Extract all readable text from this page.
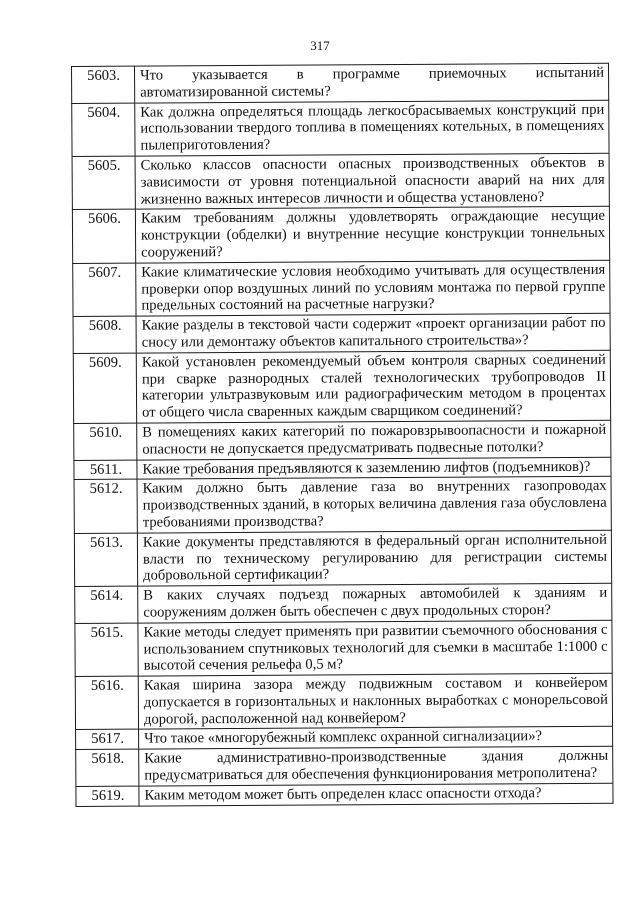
317
5603.	Что указывается в программе приемочных испытаний автоматизированной системы?
5604.	Как должна определяться площадь легкосбрасываемых конструкций при использовании твердого топлива в помещениях котельных, в помещениях пылеприготовления?
5605.	Сколько классов опасности опасных производственных объектов в зависимости от уровня потенциальной опасности аварий на них для жизненно важных интересов личности и общества установлено?
5606.	Каким требованиям должны удовлетворять ограждающие несущие конструкции (обделки) и внутренние несущие конструкции тоннельных сооружений?
5607.	Какие климатические условия необходимо учитывать для осуществления проверки опор воздушных линий по условиям монтажа по первой группе предельных состояний на расчетные нагрузки?
5608.	Какие разделы в текстовой части содержит «проект организации работ по сносу или демонтажу объектов капитального строительства»?
5609.	Какой установлен рекомендуемый объем контроля сварных соединений при сварке разнородных сталей технологических трубопроводов II категории ультразвуковым или радиографическим методом в процентах от общего числа сваренных каждым сварщиком соединений?
5610.	В помещениях каких категорий по пожаровзрывоопасности и пожарной опасности не допускается предусматривать подвесные потолки?
5611.	Какие требования предъявляются к заземлению лифтов (подъемников)?
5612.	Каким должно быть давление газа во внутренних газопроводах производственных зданий, в которых величина давления газа обусловлена требованиями производства?
5613.	Какие документы представляются в федеральный орган исполнительной власти по техническому регулированию для регистрации системы добровольной сертификации?
5614.	В каких случаях подъезд пожарных автомобилей к зданиям и сооружениям должен быть обеспечен с двух продольных сторон?
5615.	Какие методы следует применять при развитии съемочного обоснования с использованием спутниковых технологий для съемки в масштабе 1:1000 с высотой сечения рельефа 0,5 м?
5616.	Какая ширина зазора между подвижным составом и конвейером допускается в горизонтальных и наклонных выработках с монорельсовой дорогой, расположенной над конвейером?
5617.	Что такое «многорубежный комплекс охранной сигнализации»?
5618.	Какие административно-производственные здания должны предусматриваться для обеспечения функционирования метрополитена?
5619.	Каким методом может быть определен класс опасности отхода?
